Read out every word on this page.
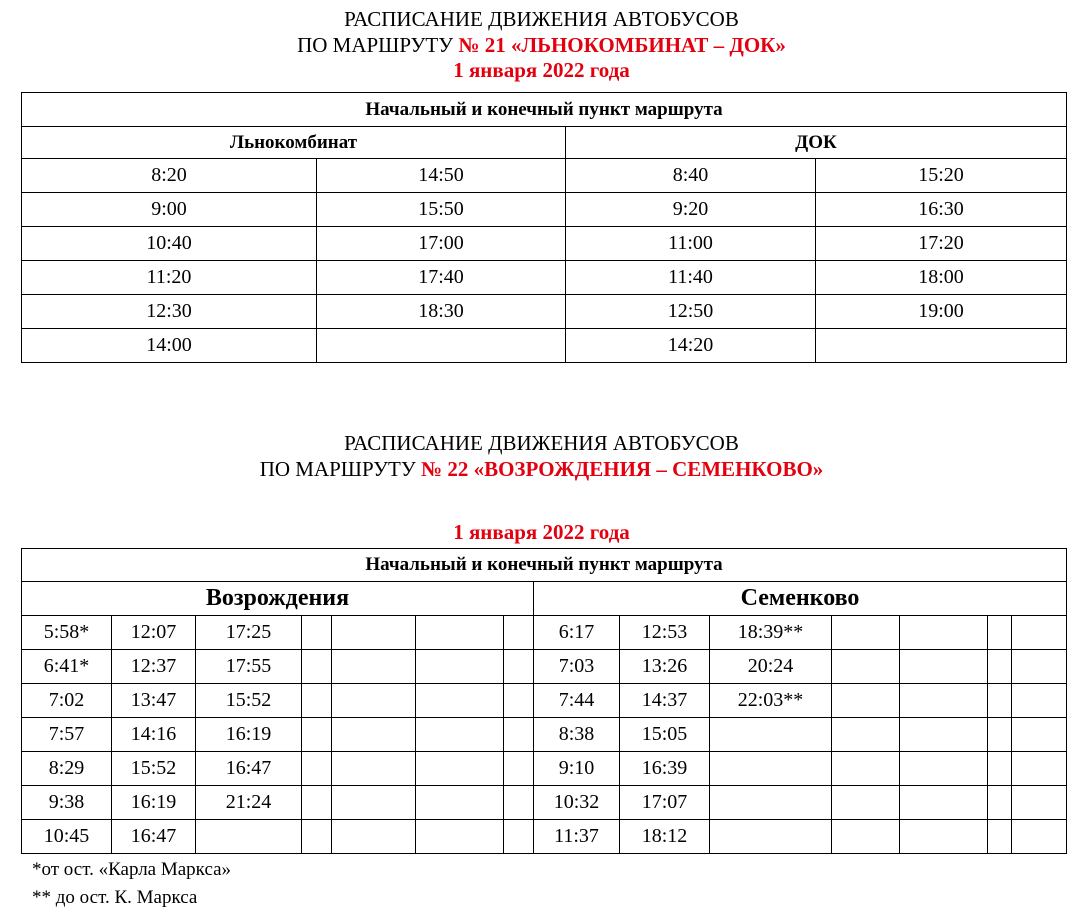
РАСПИСАНИЕ ДВИЖЕНИЯ АВТОБУСОВ
ПО МАРШРУТУ № 21 «ЛЬНОКОМБИНАТ – ДОК»
1 января 2022 года
Начальный и конечный пункт маршрута			
Льнокомбинат		ДОК	
8:20	14:50	8:40	15:20
9:00	15:50	9:20	16:30
10:40	17:00	11:00	17:20
11:20	17:40	11:40	18:00
12:30	18:30	12:50	19:00
14:00		14:20	
РАСПИСАНИЕ ДВИЖЕНИЯ АВТОБУСОВ
ПО МАРШРУТУ № 22 «ВОЗРОЖДЕНИЯ – СЕМЕНКОВО»
1 января 2022 года
Начальный и конечный пункт маршрута													
Возрождения							Семенково						
5:58*	12:07	17:25					6:17	12:53	18:39**				
6:41*	12:37	17:55					7:03	13:26	20:24				
7:02	13:47	15:52					7:44	14:37	22:03**				
7:57	14:16	16:19					8:38	15:05					
8:29	15:52	16:47					9:10	16:39					
9:38	16:19	21:24					10:32	17:07					
10:45	16:47						11:37	18:12					
*от ост. «Карла Маркса»
** до ост. К. Маркса
